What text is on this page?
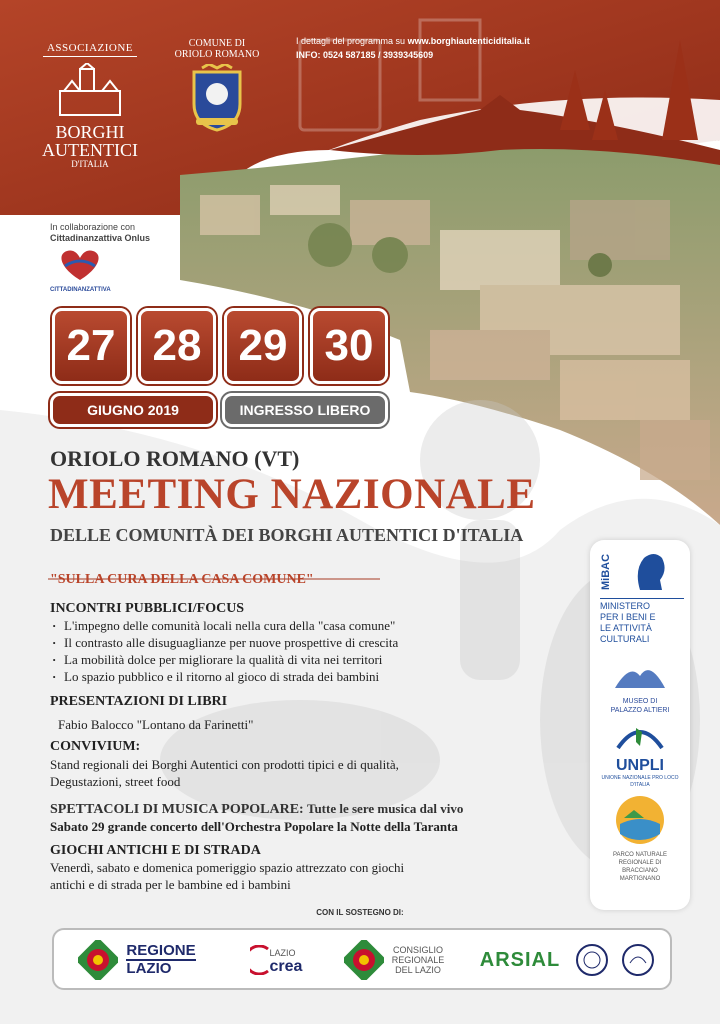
ASSOCIAZIONE
BORGHI
AUTENTICI
D'ITALIA
COMUNE DI
ORIOLO ROMANO
I dettagli del programma su www.borghiautenticiditalia.it
INFO: 0524 587185 / 3939345609
In collaborazione con
Cittadinanzattiva Onlus
CITTADINANZATTIVA
27 28 29 30
GIUGNO 2019	INGRESSO LIBERO
ORIOLO ROMANO (VT)
MEETING NAZIONALE
DELLE COMUNITÀ DEI BORGHI AUTENTICI D'ITALIA
"SULLA CURA DELLA CASA COMUNE"
INCONTRI PUBBLICI/FOCUS
· L'impegno delle comunità locali nella cura della "casa comune"
· Il contrasto alle disuguaglianze per nuove prospettive di crescita
· La mobilità dolce per migliorare la qualità di vita nei territori
· Lo spazio pubblico e il ritorno al gioco di strada dei bambini
PRESENTAZIONI DI LIBRI
Fabio Balocco "Lontano da Farinetti"
CONVIVIUM:
Stand regionali dei Borghi Autentici con prodotti tipici e di qualità,
Degustazioni, street food
SPETTACOLI DI MUSICA POPOLARE: Tutte le sere musica dal vivo
Sabato 29 grande concerto dell'Orchestra Popolare la Notte della Taranta
GIOCHI ANTICHI E DI STRADA
Venerdì, sabato e domenica pomeriggio spazio attrezzato con giochi
antichi e di strada per le bambine ed i bambini
MiBAC
MINISTERO
PER I BENI E
LE ATTIVITÀ
CULTURALI
MUSEO DI
PALAZZO ALTIERI
UNPLI
UNIONE NAZIONALE PRO LOCO D'ITALIA
PARCO NATURALE
REGIONALE DI
BRACCIANO
MARTIGNANO
CON IL SOSTEGNO DI:
REGIONE
LAZIO
LAZIO
crea
CONSIGLIO
REGIONALE
DEL LAZIO ARSIAL
